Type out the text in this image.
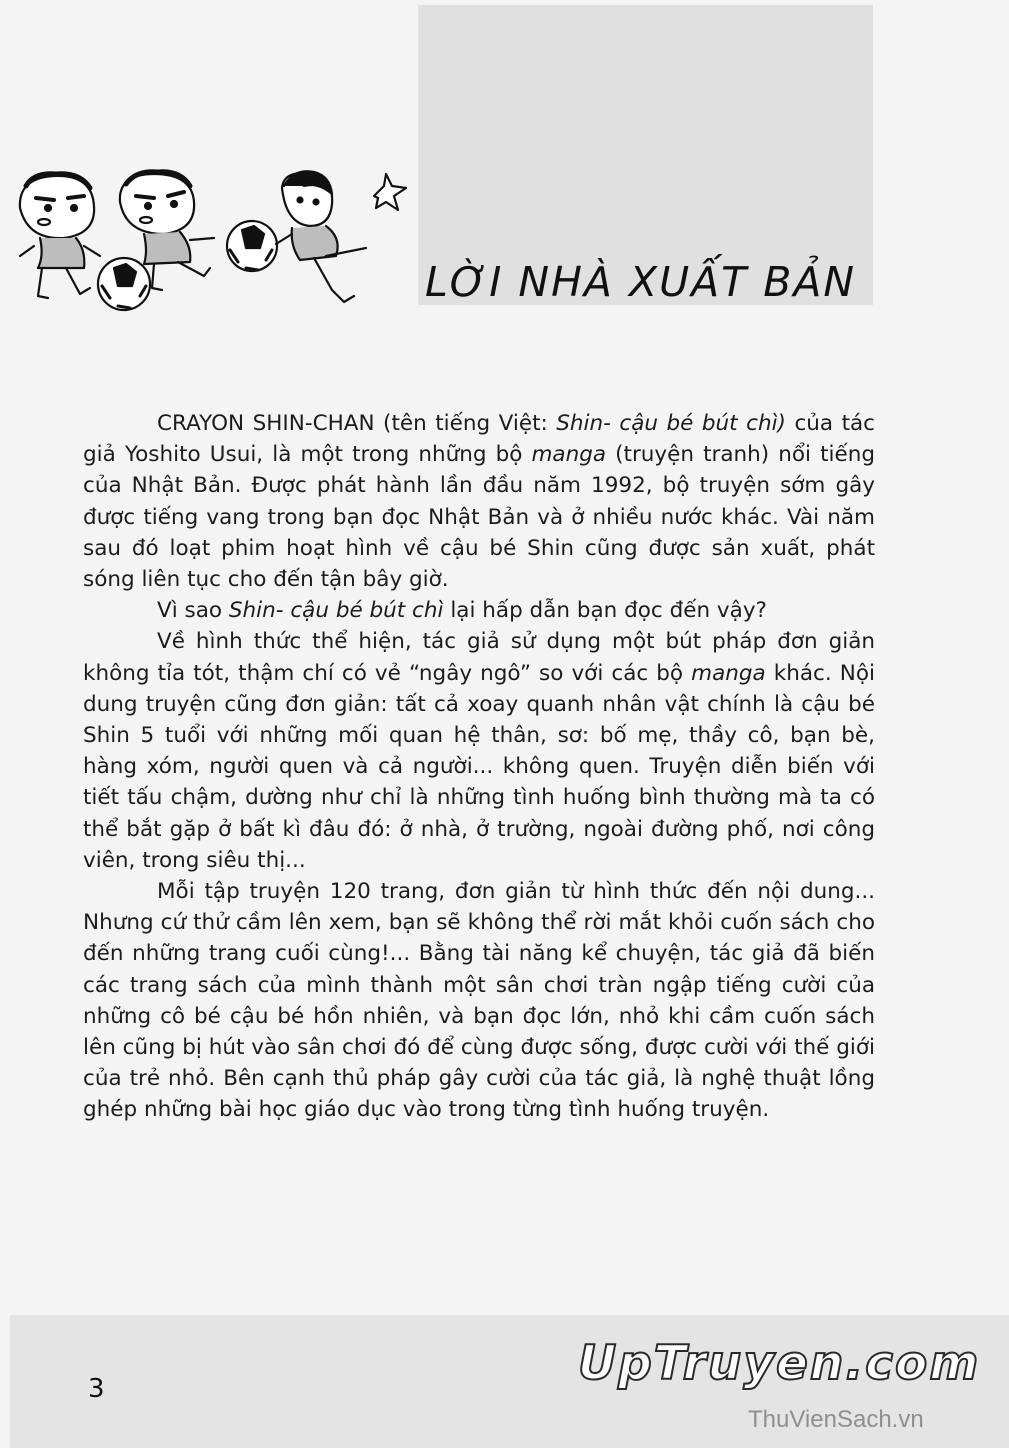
LỜI NHÀ XUẤT BẢN

CRAYON SHIN-CHAN (tên tiếng Việt: Shin- cậu bé bút chì) của tác giả Yoshito Usui, là một trong những bộ manga (truyện tranh) nổi tiếng của Nhật Bản. Được phát hành lần đầu năm 1992, bộ truyện sớm gây được tiếng vang trong bạn đọc Nhật Bản và ở nhiều nước khác. Vài năm sau đó loạt phim hoạt hình về cậu bé Shin cũng được sản xuất, phát sóng liên tục cho đến tận bây giờ.

Vì sao Shin- cậu bé bút chì lại hấp dẫn bạn đọc đến vậy?

Về hình thức thể hiện, tác giả sử dụng một bút pháp đơn giản không tỉa tót, thậm chí có vẻ “ngây ngô” so với các bộ manga khác. Nội dung truyện cũng đơn giản: tất cả xoay quanh nhân vật chính là cậu bé Shin 5 tuổi với những mối quan hệ thân, sơ: bố mẹ, thầy cô, bạn bè, hàng xóm, người quen và cả người... không quen. Truyện diễn biến với tiết tấu chậm, dường như chỉ là những tình huống bình thường mà ta có thể bắt gặp ở bất kì đâu đó: ở nhà, ở trường, ngoài đường phố, nơi công viên, trong siêu thị...

Mỗi tập truyện 120 trang, đơn giản từ hình thức đến nội dung... Nhưng cứ thử cầm lên xem, bạn sẽ không thể rời mắt khỏi cuốn sách cho đến những trang cuối cùng!... Bằng tài năng kể chuyện, tác giả đã biến các trang sách của mình thành một sân chơi tràn ngập tiếng cười của những cô bé cậu bé hồn nhiên, và bạn đọc lớn, nhỏ khi cầm cuốn sách lên cũng bị hút vào sân chơi đó để cùng được sống, được cười với thế giới của trẻ nhỏ. Bên cạnh thủ pháp gây cười của tác giả, là nghệ thuật lồng ghép những bài học giáo dục vào trong từng tình huống truyện.

3	UpTruyen.com
ThuVienSach.vn
